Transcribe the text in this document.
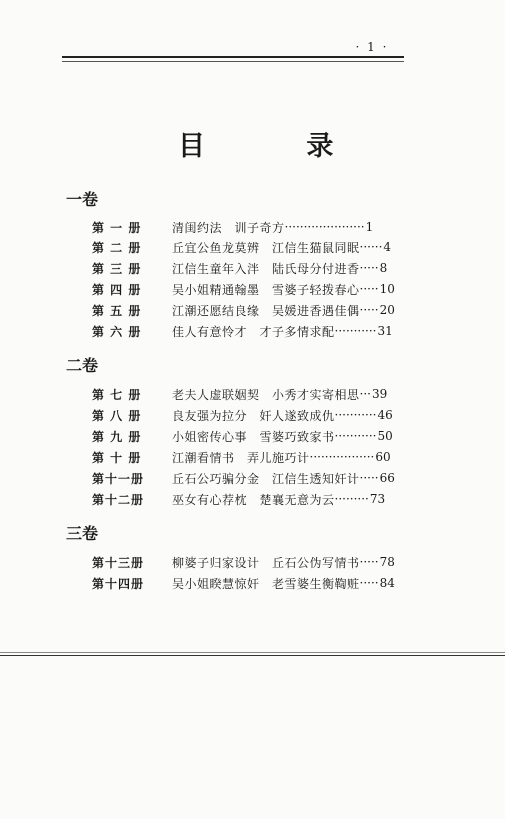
· 1 ·
目 录
一卷
第 一 册	清闺约法　训子奇方 ····················· 1
第 二 册	丘宜公鱼龙莫辨　江信生猫鼠同眠 ······ 4
第 三 册	江信生童年入泮　陆氏母分付进香 ····· 8
第 四 册	吴小姐精通翰墨　雪婆子轻拨春心 ····· 10
第 五 册	江潮还愿结良缘　吴媛进香遇佳偶 ····· 20
第 六 册	佳人有意怜才　才子多情求配 ··········· 31
二卷
第 七 册	老夫人虚联姻契　小秀才实寄相思 ··· 39
第 八 册	良友强为拉分　奸人遂致成仇 ··········· 46
第 九 册	小姐密传心事　雪婆巧致家书 ··········· 50
第 十 册	江潮看情书　弄儿施巧计 ················· 60
第十一册 丘石公巧骗分金　江信生透知奸计 ····· 66
第十二册 巫女有心荐枕　楚襄无意为云 ········· 73
三卷
第十三册 柳婆子归家设计　丘石公伪写情书 ····· 78
第十四册 吴小姐睽慧惊奸　老雪婆生衡鞫赃 ····· 84
